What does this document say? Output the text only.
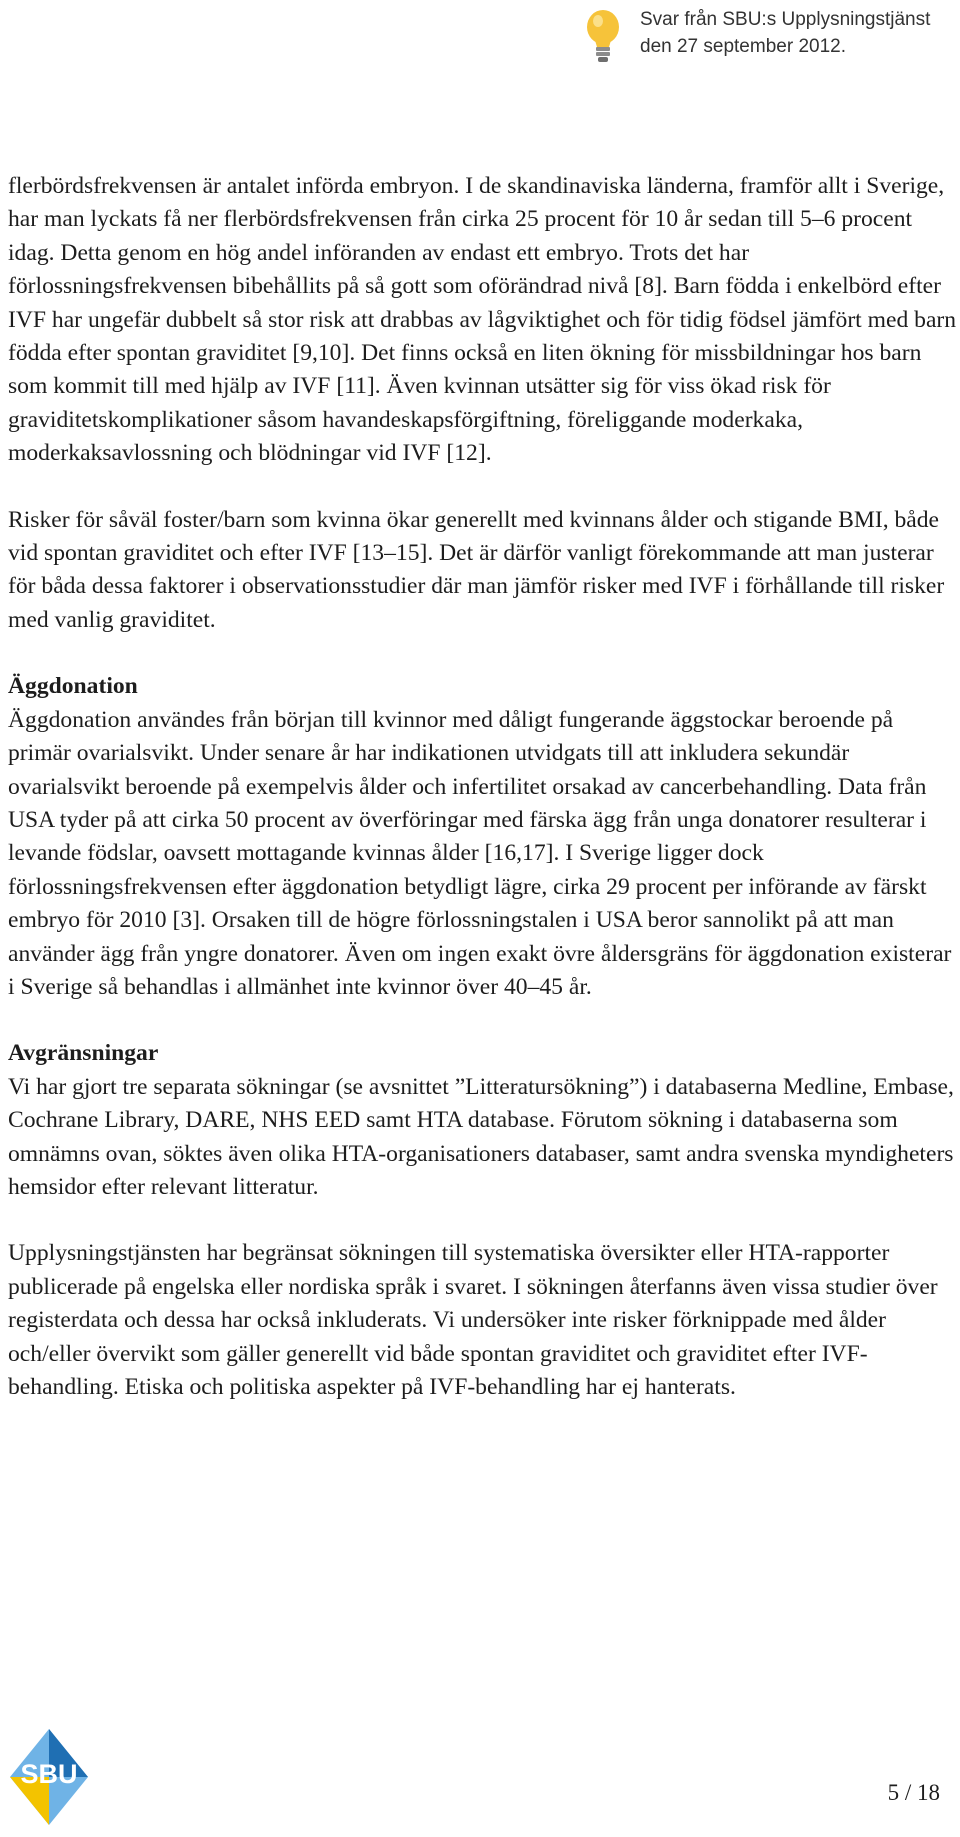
Svar från SBU:s Upplysningstjänst
den 27 september 2012.

flerbördsfrekvensen är antalet införda embryon. I de skandinaviska länderna, framför allt i Sverige, har man lyckats få ner flerbördsfrekvensen från cirka 25 procent för 10 år sedan till 5–6 procent idag. Detta genom en hög andel införanden av endast ett embryo. Trots det har förlossningsfrekvensen bibehållits på så gott som oförändrad nivå [8]. Barn födda i enkelbörd efter IVF har ungefär dubbelt så stor risk att drabbas av lågviktighet och för tidig födsel jämfört med barn födda efter spontan graviditet [9,10]. Det finns också en liten ökning för missbildningar hos barn som kommit till med hjälp av IVF [11]. Även kvinnan utsätter sig för viss ökad risk för graviditetskomplikationer såsom havandeskapsförgiftning, föreliggande moderkaka, moderkaksavlossning och blödningar vid IVF [12].

Risker för såväl foster/barn som kvinna ökar generellt med kvinnans ålder och stigande BMI, både vid spontan graviditet och efter IVF [13–15]. Det är därför vanligt förekommande att man justerar för båda dessa faktorer i observationsstudier där man jämför risker med IVF i förhållande till risker med vanlig graviditet.

Äggdonation

Äggdonation användes från början till kvinnor med dåligt fungerande äggstockar beroende på primär ovarialsvikt. Under senare år har indikationen utvidgats till att inkludera sekundär ovarialsvikt beroende på exempelvis ålder och infertilitet orsakad av cancerbehandling. Data från USA tyder på att cirka 50 procent av överföringar med färska ägg från unga donatorer resulterar i levande födslar, oavsett mottagande kvinnas ålder [16,17]. I Sverige ligger dock förlossningsfrekvensen efter äggdonation betydligt lägre, cirka 29 procent per införande av färskt embryo för 2010 [3]. Orsaken till de högre förlossningstalen i USA beror sannolikt på att man använder ägg från yngre donatorer. Även om ingen exakt övre åldersgräns för äggdonation existerar i Sverige så behandlas i allmänhet inte kvinnor över 40–45 år.

Avgränsningar

Vi har gjort tre separata sökningar (se avsnittet ”Litteratursökning”) i databaserna Medline, Embase, Cochrane Library, DARE, NHS EED samt HTA database. Förutom sökning i databaserna som omnämns ovan, söktes även olika HTA-organisationers databaser, samt andra svenska myndigheters hemsidor efter relevant litteratur.

Upplysningstjänsten har begränsat sökningen till systematiska översikter eller HTA-rapporter publicerade på engelska eller nordiska språk i svaret. I sökningen återfanns även vissa studier över registerdata och dessa har också inkluderats. Vi undersöker inte risker förknippade med ålder och/eller övervikt som gäller generellt vid både spontan graviditet och graviditet efter IVF-behandling. Etiska och politiska aspekter på IVF-behandling har ej hanterats.

SBU
5 / 18
